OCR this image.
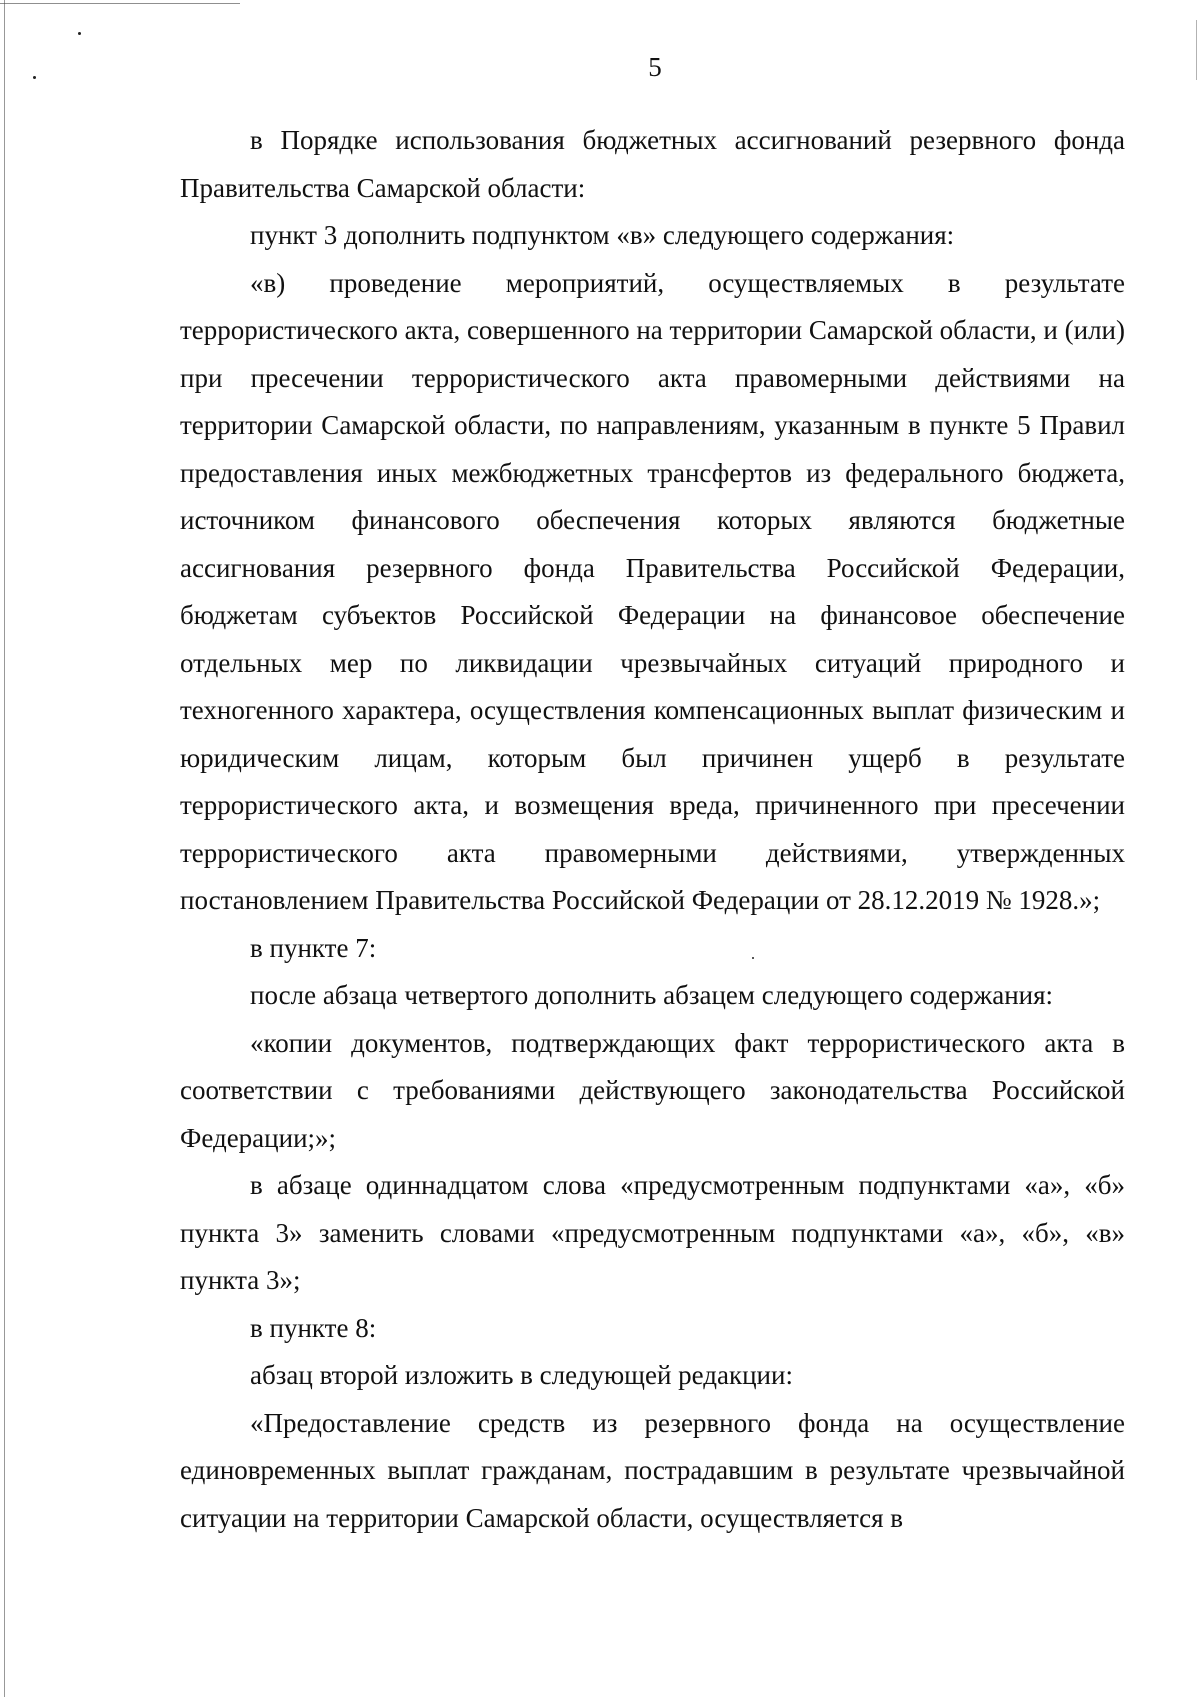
5

в Порядке использования бюджетных ассигнований резервного фонда Правительства Самарской области:

пункт 3 дополнить подпунктом «в» следующего содержания:

«в) проведение мероприятий, осуществляемых в результате террористического акта, совершенного на территории Самарской области, и (или) при пресечении террористического акта правомерными действиями на территории Самарской области, по направлениям, указанным в пункте 5 Правил предоставления иных межбюджетных трансфертов из федерального бюджета, источником финансового обеспечения которых являются бюджетные ассигнования резервного фонда Правительства Российской Федерации, бюджетам субъектов Российской Федерации на финансовое обеспечение отдельных мер по ликвидации чрезвычайных ситуаций природного и техногенного характера, осуществления компенсационных выплат физическим и юридическим лицам, которым был причинен ущерб в результате террористического акта, и возмещения вреда, причиненного при пресечении террористического акта правомерными действиями, утвержденных постановлением Правительства Российской Федерации от 28.12.2019 № 1928.»;

в пункте 7:

после абзаца четвертого дополнить абзацем следующего содержания:

«копии документов, подтверждающих факт террористического акта в соответствии с требованиями действующего законодательства Российской Федерации;»;

в абзаце одиннадцатом слова «предусмотренным подпунктами «а», «б» пункта 3» заменить словами «предусмотренным подпунктами «а», «б», «в» пункта 3»;

в пункте 8:

абзац второй изложить в следующей редакции:

«Предоставление средств из резервного фонда на осуществление единовременных выплат гражданам, пострадавшим в результате чрезвычайной ситуации на территории Самарской области, осуществляется в
